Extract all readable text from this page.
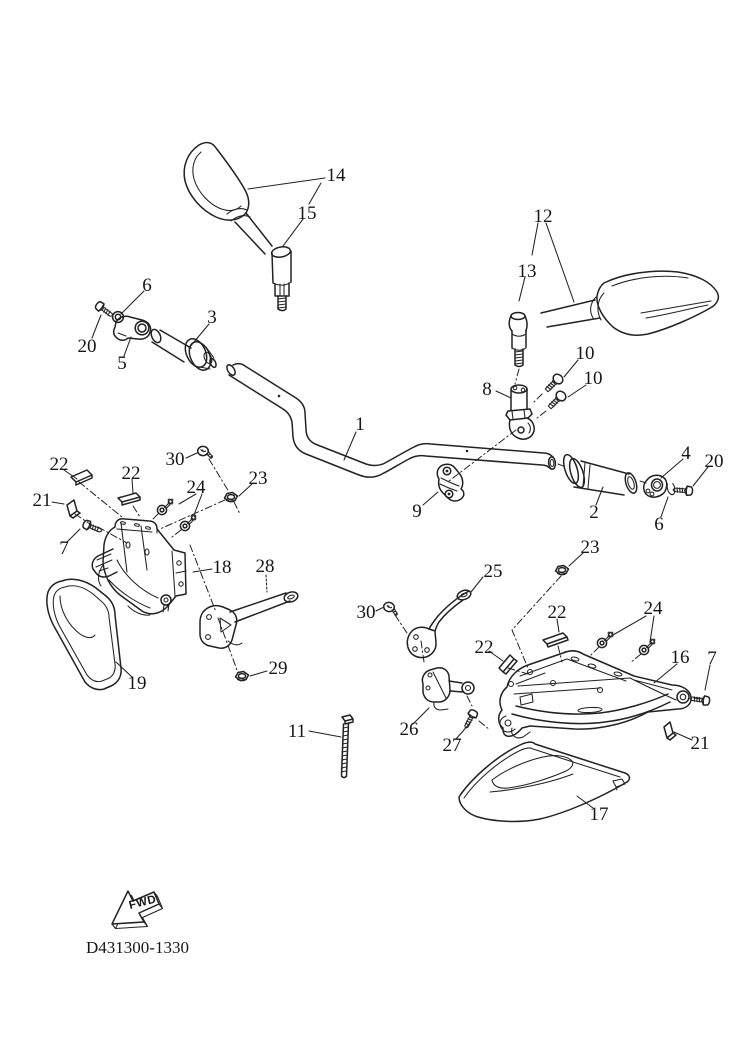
14
15	12
13
6
20
5
3
1
10
10
8
4 20
9	2
6
30
22	22	23
24
21
7
18 28
19
29
23
25
30	22	24
22	16 7
11	26
27	21
17
FWD
D431300-1330
